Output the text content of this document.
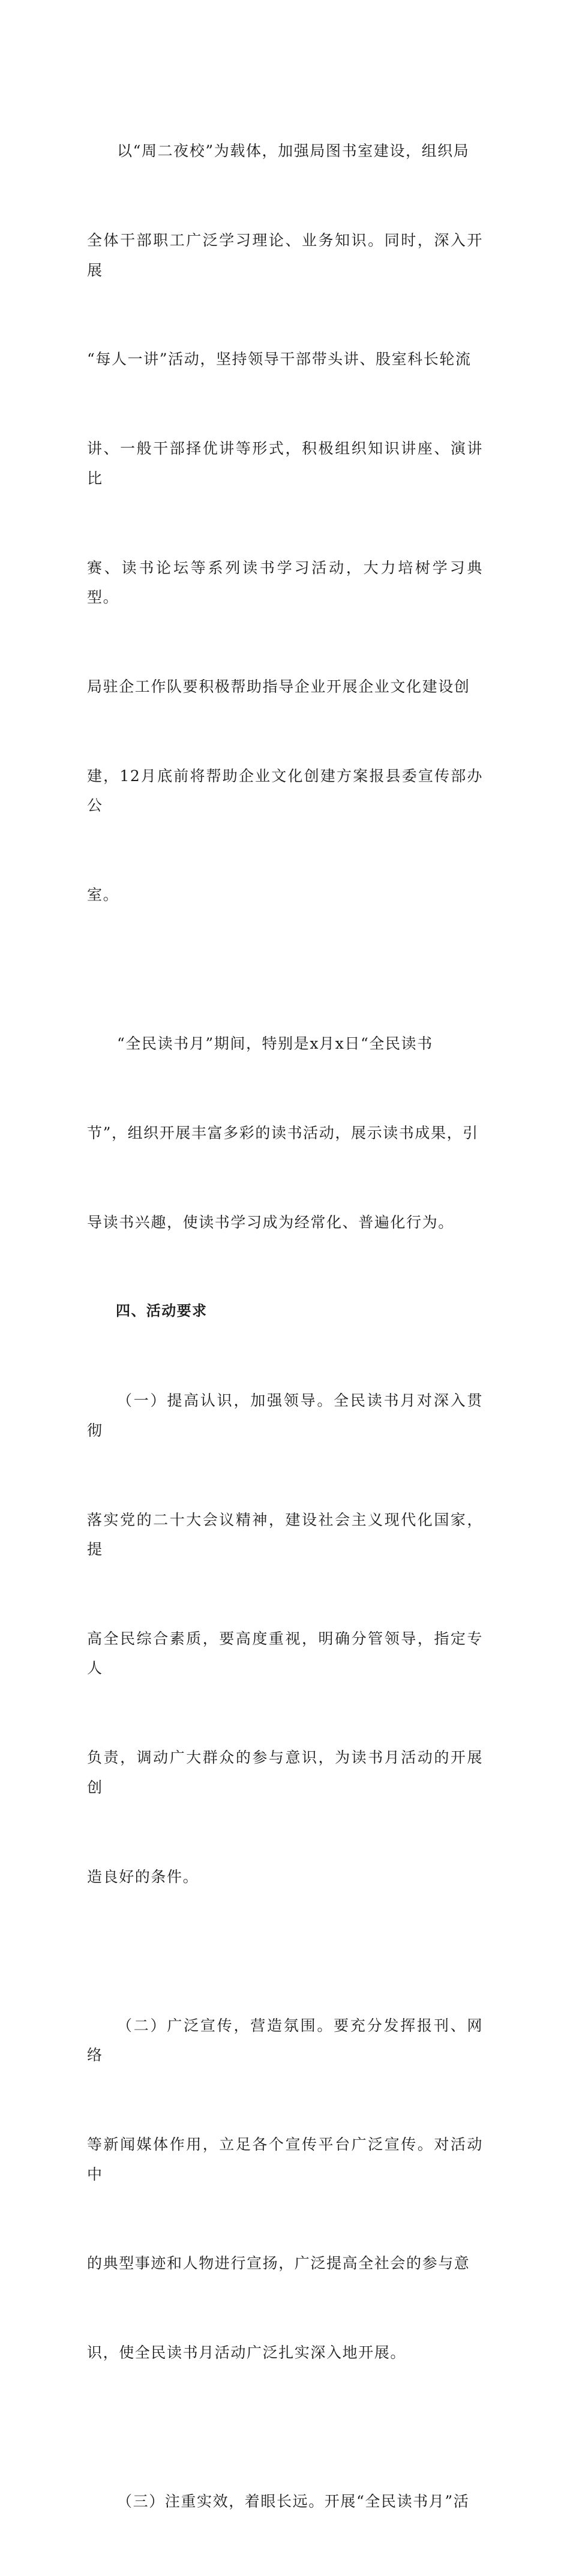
以“周二夜校”为载体，加强局图书室建设，组织局

全体干部职工广泛学习理论、业务知识。同时，深入开展

“每人一讲”活动，坚持领导干部带头讲、股室科长轮流

讲、一般干部择优讲等形式，积极组织知识讲座、演讲比

赛、读书论坛等系列读书学习活动，大力培树学习典型。

局驻企工作队要积极帮助指导企业开展企业文化建设创

建，12月底前将帮助企业文化创建方案报县委宣传部办公

室。

“全民读书月”期间，特别是x月x日“全民读书

节”，组织开展丰富多彩的读书活动，展示读书成果，引

导读书兴趣，使读书学习成为经常化、普遍化行为。

四、活动要求

（一）提高认识，加强领导。全民读书月对深入贯彻

落实党的二十大会议精神，建设社会主义现代化国家，提

高全民综合素质，要高度重视，明确分管领导，指定专人

负责，调动广大群众的参与意识，为读书月活动的开展创

造良好的条件。

（二）广泛宣传，营造氛围。要充分发挥报刊、网络

等新闻媒体作用，立足各个宣传平台广泛宣传。对活动中

的典型事迹和人物进行宣扬，广泛提高全社会的参与意

识，使全民读书月活动广泛扎实深入地开展。

（三）注重实效，着眼长远。开展“全民读书月”活
